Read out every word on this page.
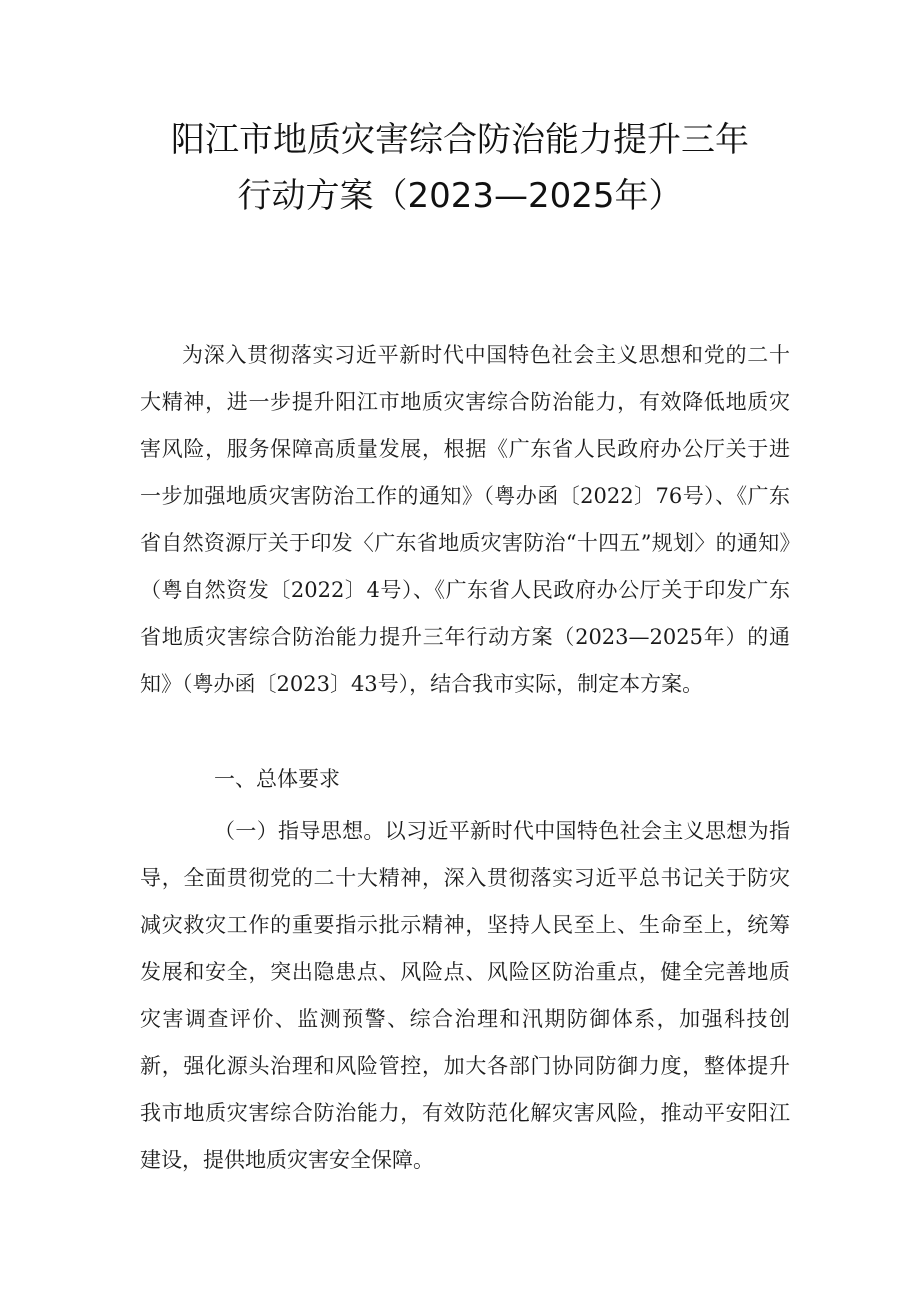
阳江市地质灾害综合防治能力提升三年
行动方案（2023—2025年）
为深入贯彻落实习近平新时代中国特色社会主义思想和党的二十大精神，进一步提升阳江市地质灾害综合防治能力，有效降低地质灾害风险，服务保障高质量发展，根据《广东省人民政府办公厅关于进一步加强地质灾害防治工作的通知》（粤办函〔2022〕76号）、《广东省自然资源厅关于印发〈广东省地质灾害防治“十四五”规划〉的通知》（粤自然资发〔2022〕4号）、《广东省人民政府办公厅关于印发广东省地质灾害综合防治能力提升三年行动方案（2023—2025年）的通知》（粤办函〔2023〕43号），结合我市实际，制定本方案。
一、总体要求
（一）指导思想。以习近平新时代中国特色社会主义思想为指导，全面贯彻党的二十大精神，深入贯彻落实习近平总书记关于防灾减灾救灾工作的重要指示批示精神，坚持人民至上、生命至上，统筹发展和安全，突出隐患点、风险点、风险区防治重点，健全完善地质灾害调查评价、监测预警、综合治理和汛期防御体系，加强科技创新，强化源头治理和风险管控，加大各部门协同防御力度，整体提升我市地质灾害综合防治能力，有效防范化解灾害风险，推动平安阳江建设，提供地质灾害安全保障。
